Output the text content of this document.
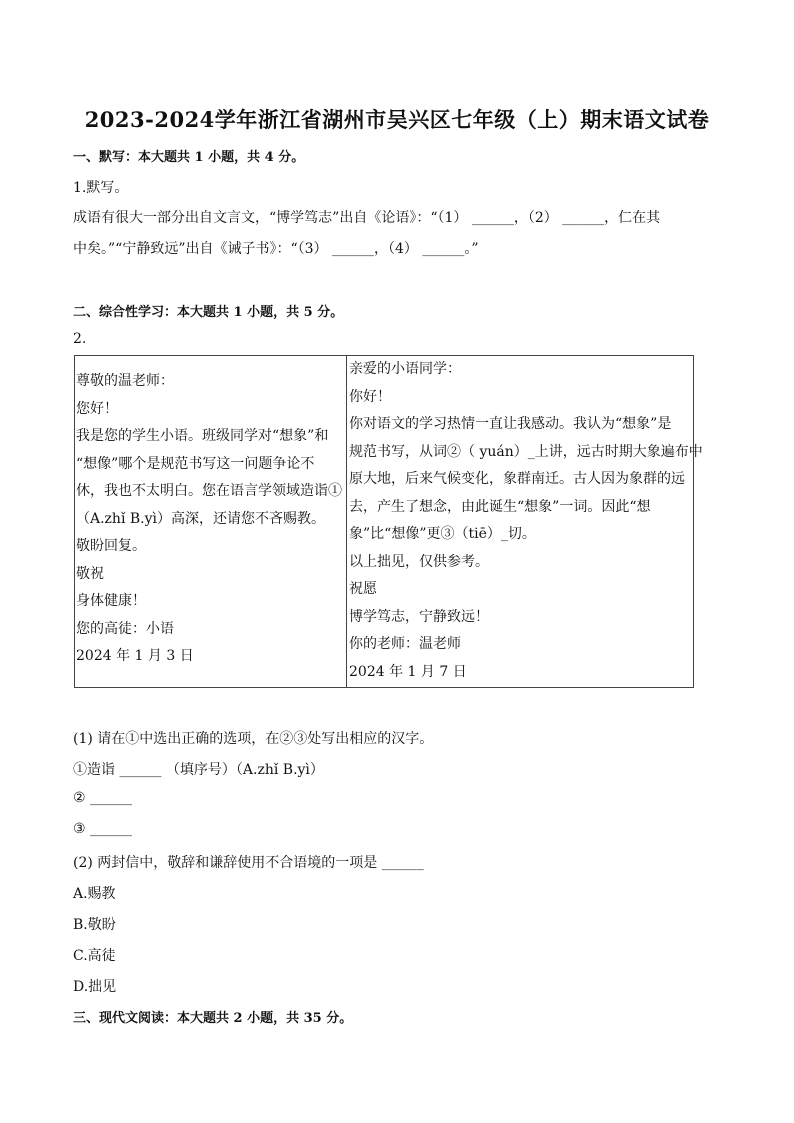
2023-2024学年浙江省湖州市吴兴区七年级（上）期末语文试卷
一、默写：本大题共 1 小题，共 4 分。
1.默写。
成语有很大一部分出自文言文，“博学笃志”出自《论语》：“（1） ______，（2） ______，仁在其
中矣。”“宁静致远”出自《诫子书》：“（3） ______，（4） ______。”
二、综合性学习：本大题共 1 小题，共 5 分。
2.
尊敬的温老师：
您好！
我是您的学生小语。班级同学对“想象”和
“想像”哪个是规范书写这一问题争论不
休，我也不太明白。您在语言学领域造诣①
（A.zhǐ B.yì）高深，还请您不吝赐教。
敬盼回复。
敬祝
身体健康！
您的高徒：小语
2024 年 1 月 3 日
亲爱的小语同学：
你好！
你对语文的学习热情一直让我感动。我认为“想象”是
规范书写，从词②（ yuán）_上讲，远古时期大象遍布中
原大地，后来气候变化，象群南迁。古人因为象群的远
去，产生了想念，由此诞生“想象”一词。因此“想
象”比“想像”更③（tiē）_切。
以上拙见，仅供参考。
祝愿
博学笃志，宁静致远！
你的老师：温老师
2024 年 1 月 7 日
(1) 请在①中选出正确的选项，在②③处写出相应的汉字。
①造诣 ______ （填序号）（A.zhǐ B.yì）
② ______
③ ______
(2) 两封信中，敬辞和谦辞使用不合语境的一项是 ______
A.赐教
B.敬盼
C.高徒
D.拙见
三、现代文阅读：本大题共 2 小题，共 35 分。
